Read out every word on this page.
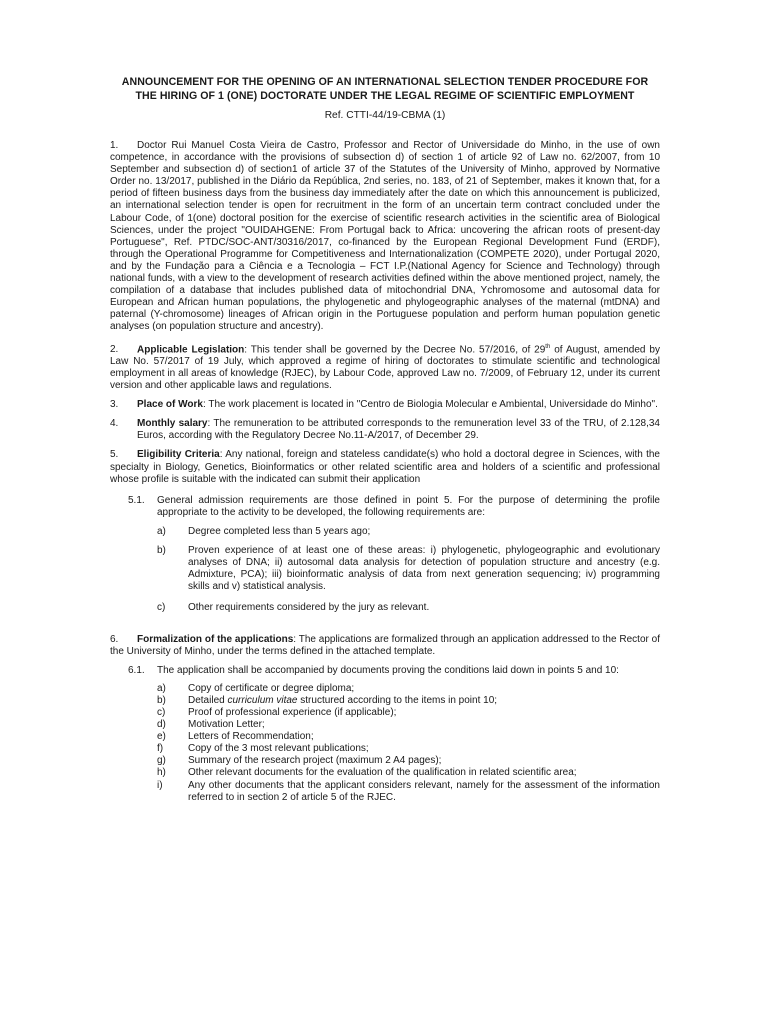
ANNOUNCEMENT FOR THE OPENING OF AN INTERNATIONAL SELECTION TENDER PROCEDURE FOR THE HIRING OF 1 (ONE) DOCTORATE UNDER THE LEGAL REGIME OF SCIENTIFIC EMPLOYMENT
Ref. CTTI-44/19-CBMA (1)

1. Doctor Rui Manuel Costa Vieira de Castro, Professor and Rector of Universidade do Minho, in the use of own competence, in accordance with the provisions of subsection d) of section 1 of article 92 of Law no. 62/2007, from 10 September and subsection d) of section1 of article 37 of the Statutes of the University of Minho, approved by Normative Order no. 13/2017, published in the Diário da República, 2nd series, no. 183, of 21 of September, makes it known that, for a period of fifteen business days from the business day immediately after the date on which this announcement is publicized, an international selection tender is open for recruitment in the form of an uncertain term contract concluded under the Labour Code, of 1(one) doctoral position for the exercise of scientific research activities in the scientific area of Biological Sciences, under the project "OUIDAHGENE: From Portugal back to Africa: uncovering the african roots of present-day Portuguese", Ref. PTDC/SOC-ANT/30316/2017, co-financed by the European Regional Development Fund (ERDF), through the Operational Programme for Competitiveness and Internationalization (COMPETE 2020), under Portugal 2020, and by the Fundação para a Ciência e a Tecnologia – FCT I.P.(National Agency for Science and Technology) through national funds, with a view to the development of research activities defined within the above mentioned project, namely, the compilation of a database that includes published data of mitochondrial DNA, Ychromosome and autosomal data for European and African human populations, the phylogenetic and phylogeographic analyses of the maternal (mtDNA) and paternal (Y-chromosome) lineages of African origin in the Portuguese population and perform human population genetic analyses (on population structure and ancestry).

2. Applicable Legislation: This tender shall be governed by the Decree No. 57/2016, of 29th of August, amended by Law No. 57/2017 of 19 July, which approved a regime of hiring of doctorates to stimulate scientific and technological employment in all areas of knowledge (RJEC), by Labour Code, approved Law no. 7/2009, of February 12, under its current version and other applicable laws and regulations.

3.	Place of Work: The work placement is located in "Centro de Biologia Molecular e Ambiental, Universidade do Minho".
4.	Monthly salary: The remuneration to be attributed corresponds to the remuneration level 33 of the TRU, of 2.128,34 Euros, according with the Regulatory Decree No.11-A/2017, of December 29.

5. Eligibility Criteria: Any national, foreign and stateless candidate(s) who hold a doctoral degree in Sciences, with the specialty in Biology, Genetics, Bioinformatics or other related scientific area and holders of a scientific and professional whose profile is suitable with the indicated can submit their application

5.1.	General admission requirements are those defined in point 5. For the purpose of determining the profile appropriate to the activity to be developed, the following requirements are:
a)	Degree completed less than 5 years ago;
b)	Proven experience of at least one of these areas: i) phylogenetic, phylogeographic and evolutionary analyses of DNA; ii) autosomal data analysis for detection of population structure and ancestry (e.g. Admixture, PCA); iii) bioinformatic analysis of data from next generation sequencing; iv) programming skills and v) statistical analysis.
c)	Other requirements considered by the jury as relevant.

6. Formalization of the applications: The applications are formalized through an application addressed to the Rector of the University of Minho, under the terms defined in the attached template.

6.1.	The application shall be accompanied by documents proving the conditions laid down in points 5 and 10:
a)	Copy of certificate or degree diploma;
b)	Detailed curriculum vitae structured according to the items in point 10;
c)	Proof of professional experience (if applicable);
d)	Motivation Letter;
e)	Letters of Recommendation;
f)	Copy of the 3 most relevant publications;
g)	Summary of the research project (maximum 2 A4 pages);
h)	Other relevant documents for the evaluation of the qualification in related scientific area;
i)	Any other documents that the applicant considers relevant, namely for the assessment of the information referred to in section 2 of article 5 of the RJEC.
